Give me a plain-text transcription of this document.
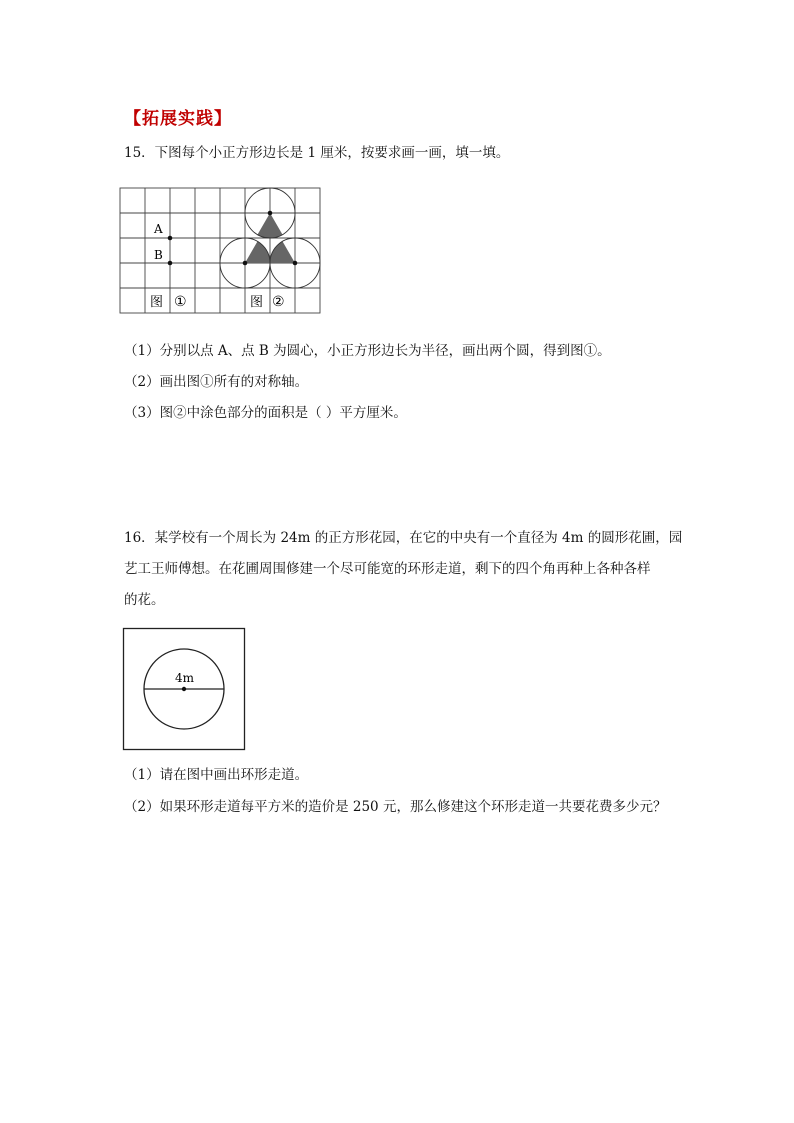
【拓展实践】
15．下图每个小正方形边长是 1 厘米，按要求画一画，填一填。
A
B
图 ①	图 ②
（1）分别以点 A、点 B 为圆心，小正方形边长为半径，画出两个圆，得到图①。
（2）画出图①所有的对称轴。
（3）图②中涂色部分的面积是（ ）平方厘米。
16．某学校有一个周长为 24m 的正方形花园，在它的中央有一个直径为 4m 的圆形花圃，园
艺工王师傅想。在花圃周围修建一个尽可能宽的环形走道，剩下的四个角再种上各种各样
的花。
4m
（1）请在图中画出环形走道。
（2）如果环形走道每平方米的造价是 250 元，那么修建这个环形走道一共要花费多少元？
